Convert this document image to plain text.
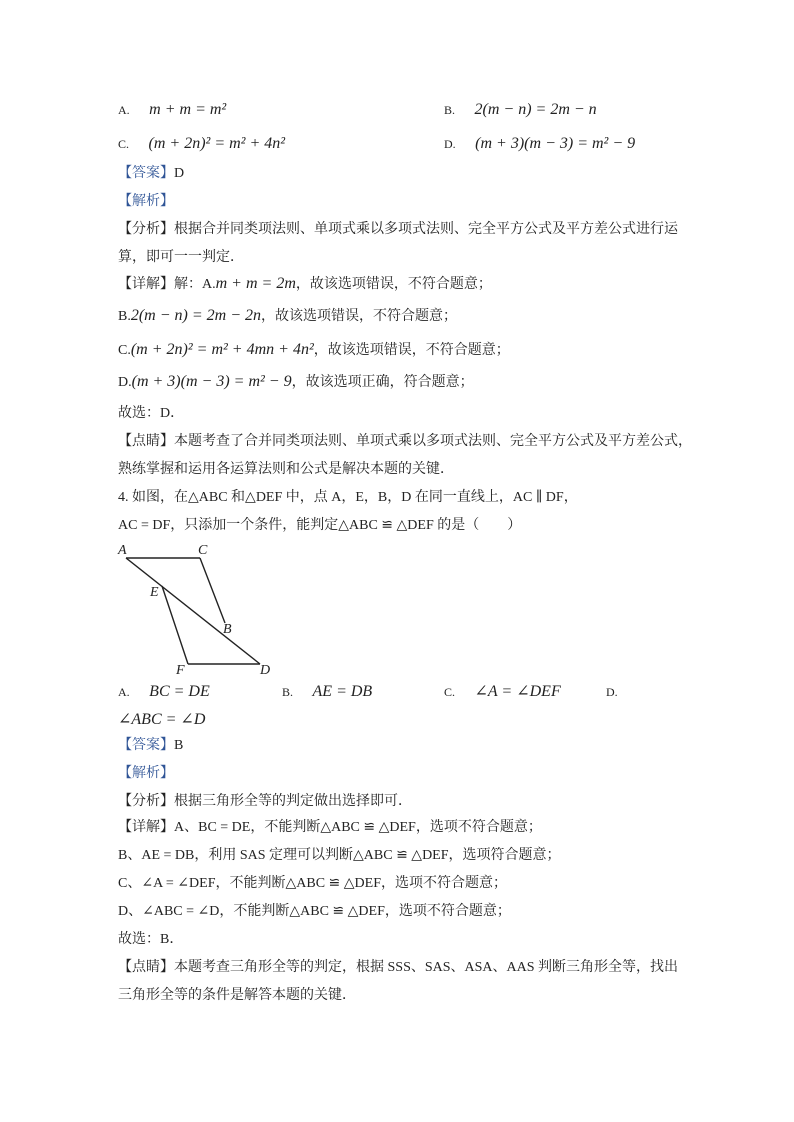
A. m + m = m²	B. 2(m − n) = 2m − n
C. (m + 2n)² = m² + 4n²	D. (m + 3)(m − 3) = m² − 9
【答案】D
【解析】
【分析】根据合并同类项法则、单项式乘以多项式法则、完全平方公式及平方差公式进行运
算，即可一一判定．
【详解】解：A.m + m = 2m，故该选项错误，不符合题意；
B.2(m − n) = 2m − 2n，故该选项错误，不符合题意；
C.(m + 2n)² = m² + 4mn + 4n²，故该选项错误，不符合题意；
D.(m + 3)(m − 3) = m² − 9，故该选项正确，符合题意；
故选：D．
【点睛】本题考查了合并同类项法则、单项式乘以多项式法则、完全平方公式及平方差公式，
熟练掌握和运用各运算法则和公式是解决本题的关键．
4. 如图，在△ABC 和△DEF 中，点 A，E，B，D 在同一直线上，AC ∥ DF，
AC = DF，只添加一个条件，能判定△ABC ≌ △DEF 的是（　　）
A	C
E
B
F	D
A. BC = DE	B. AE = DB	C. ∠A = ∠DEF	D.
∠ABC = ∠D
【答案】B
【解析】
【分析】根据三角形全等的判定做出选择即可．
【详解】A、BC = DE，不能判断△ABC ≌ △DEF，选项不符合题意；
B、AE = DB，利用 SAS 定理可以判断△ABC ≌ △DEF，选项符合题意；
C、∠A = ∠DEF，不能判断△ABC ≌ △DEF，选项不符合题意；
D、∠ABC = ∠D，不能判断△ABC ≌ △DEF，选项不符合题意；
故选：B．
【点睛】本题考查三角形全等的判定，根据 SSS、SAS、ASA、AAS 判断三角形全等，找出
三角形全等的条件是解答本题的关键．
